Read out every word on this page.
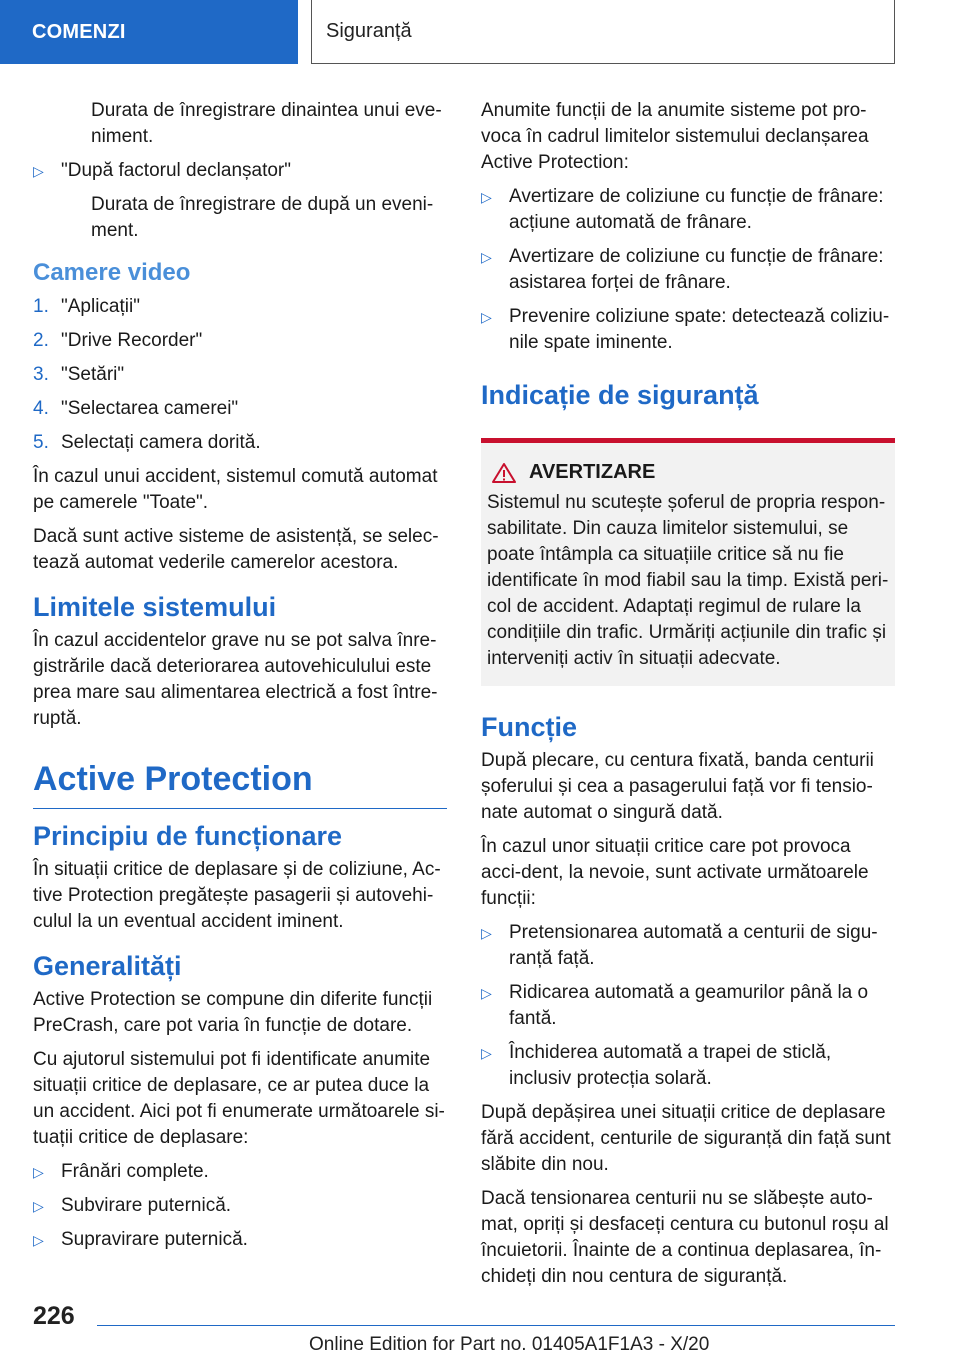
COMENZI	Siguranță

Durata de înregistrare dinaintea unui eve-
niment.

▷ "După factorul declanșator"

Durata de înregistrare de după un eveni-
ment.

Camere video
1. "Aplicații"
2. "Drive Recorder"
3. "Setări"
4. "Selectarea camerei"
5. Selectați camera dorită.

În cazul unui accident, sistemul comută automat pe camerele "Toate".

Dacă sunt active sisteme de asistență, se selec-tează automat vederile camerelor acestora.

Limitele sistemului

În cazul accidentelor grave nu se pot salva înre-gistrările dacă deteriorarea autovehiculului este prea mare sau alimentarea electrică a fost între-ruptă.

Active Protection
Principiu de funcționare

În situații critice de deplasare și de coliziune, Ac-tive Protection pregătește pasagerii și autovehi-culul la un eventual accident iminent.

Generalități

Active Protection se compune din diferite funcții PreCrash, care pot varia în funcție de dotare.

Cu ajutorul sistemului pot fi identificate anumite situații critice de deplasare, ce ar putea duce la un accident. Aici pot fi enumerate următoarele si-tuații critice de deplasare:

▷ Frânări complete.
▷ Subvirare puternică.
▷ Supravirare puternică.

Anumite funcții de la anumite sisteme pot pro-voca în cadrul limitelor sistemului declanșarea Active Protection:

▷ Avertizare de coliziune cu funcție de frânare: acțiune automată de frânare.
▷ Avertizare de coliziune cu funcție de frânare: asistarea forței de frânare.
▷ Prevenire coliziune spate: detectează coliziu-nile spate iminente.
Indicație de siguranță
AVERTIZARE

Sistemul nu scutește șoferul de propria respon-sabilitate. Din cauza limitelor sistemului, se poate întâmpla ca situațiile critice să nu fie identificate în mod fiabil sau la timp. Există peri-col de accident. Adaptați regimul de rulare la condițiile din trafic. Urmăriți acțiunile din trafic și interveniți activ în situații adecvate.

Funcție

După plecare, cu centura fixată, banda centurii șoferului și cea a pasagerului față vor fi tensio-nate automat o singură dată.

În cazul unor situații critice care pot provoca acci-dent, la nevoie, sunt activate următoarele funcții:

▷ Pretensionarea automată a centurii de sigu-ranță față.
▷ Ridicarea automată a geamurilor până la o fantă.
▷ Închiderea automată a trapei de sticlă, inclusiv protecția solară.

După depășirea unei situații critice de deplasare fără accident, centurile de siguranță din față sunt slăbite din nou.

Dacă tensionarea centurii nu se slăbește auto-mat, opriți și desfaceți centura cu butonul roșu al încuietorii. Înainte de a continua deplasarea, în-chideți din nou centura de siguranță.

226
Online Edition for Part no. 01405A1F1A3 - X/20
